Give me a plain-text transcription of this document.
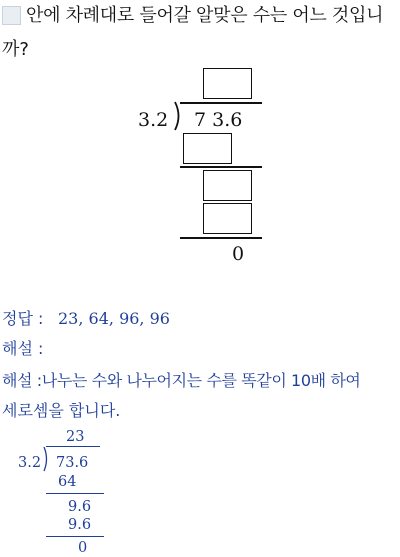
안에 차례대로 들어갈 알맞은 수는 어느 것입니
까?
3.2 7 3.6
0
정답 : 23, 64, 96, 96
해설 :
해설 :나누는 수와 나누어지는 수를 똑같이 10배 하여
세로셈을 합니다.
23
3.2 73.6
64
9.6
9.6
0
